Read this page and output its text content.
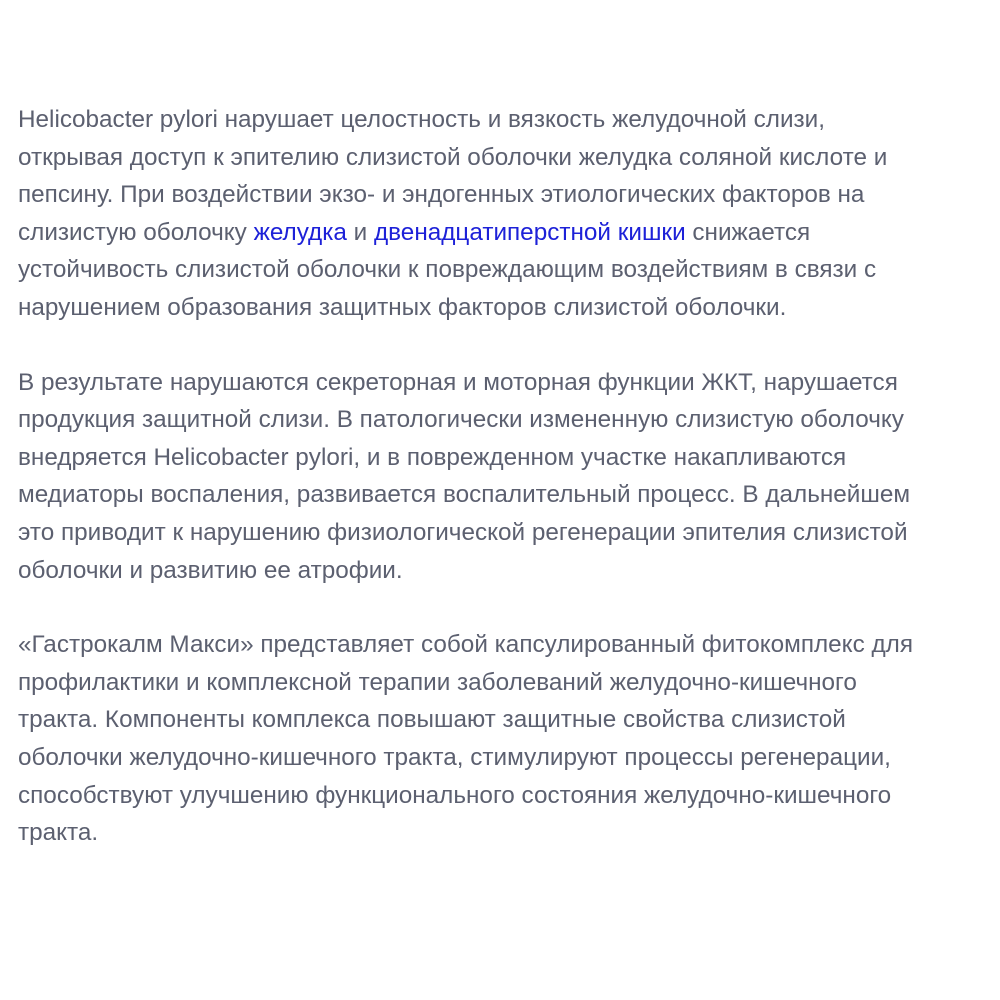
Helicobacter pylori нарушает целостность и вязкость желудочной слизи,
открывая доступ к эпителию слизистой оболочки желудка соляной кислоте и
пепсину. При воздействии экзо- и эндогенных этиологических факторов на
слизистую оболочку желудка и двенадцатиперстной кишки снижается
устойчивость слизистой оболочки к повреждающим воздействиям в связи с
нарушением образования защитных факторов слизистой оболочки.

В результате нарушаются секреторная и моторная функции ЖКТ, нарушается
продукция защитной слизи. В патологически измененную слизистую оболочку
внедряется Helicobacter pylori, и в поврежденном участке накапливаются
медиаторы воспаления, развивается воспалительный процесс. В дальнейшем
это приводит к нарушению физиологической регенерации эпителия слизистой
оболочки и развитию ее атрофии.

«Гастрокалм Макси» представляет собой капсулированный фитокомплекс для
профилактики и комплексной терапии заболеваний желудочно-кишечного
тракта. Компоненты комплекса повышают защитные свойства слизистой
оболочки желудочно-кишечного тракта, стимулируют процессы регенерации,
способствуют улучшению функционального состояния желудочно-кишечного
тракта.
